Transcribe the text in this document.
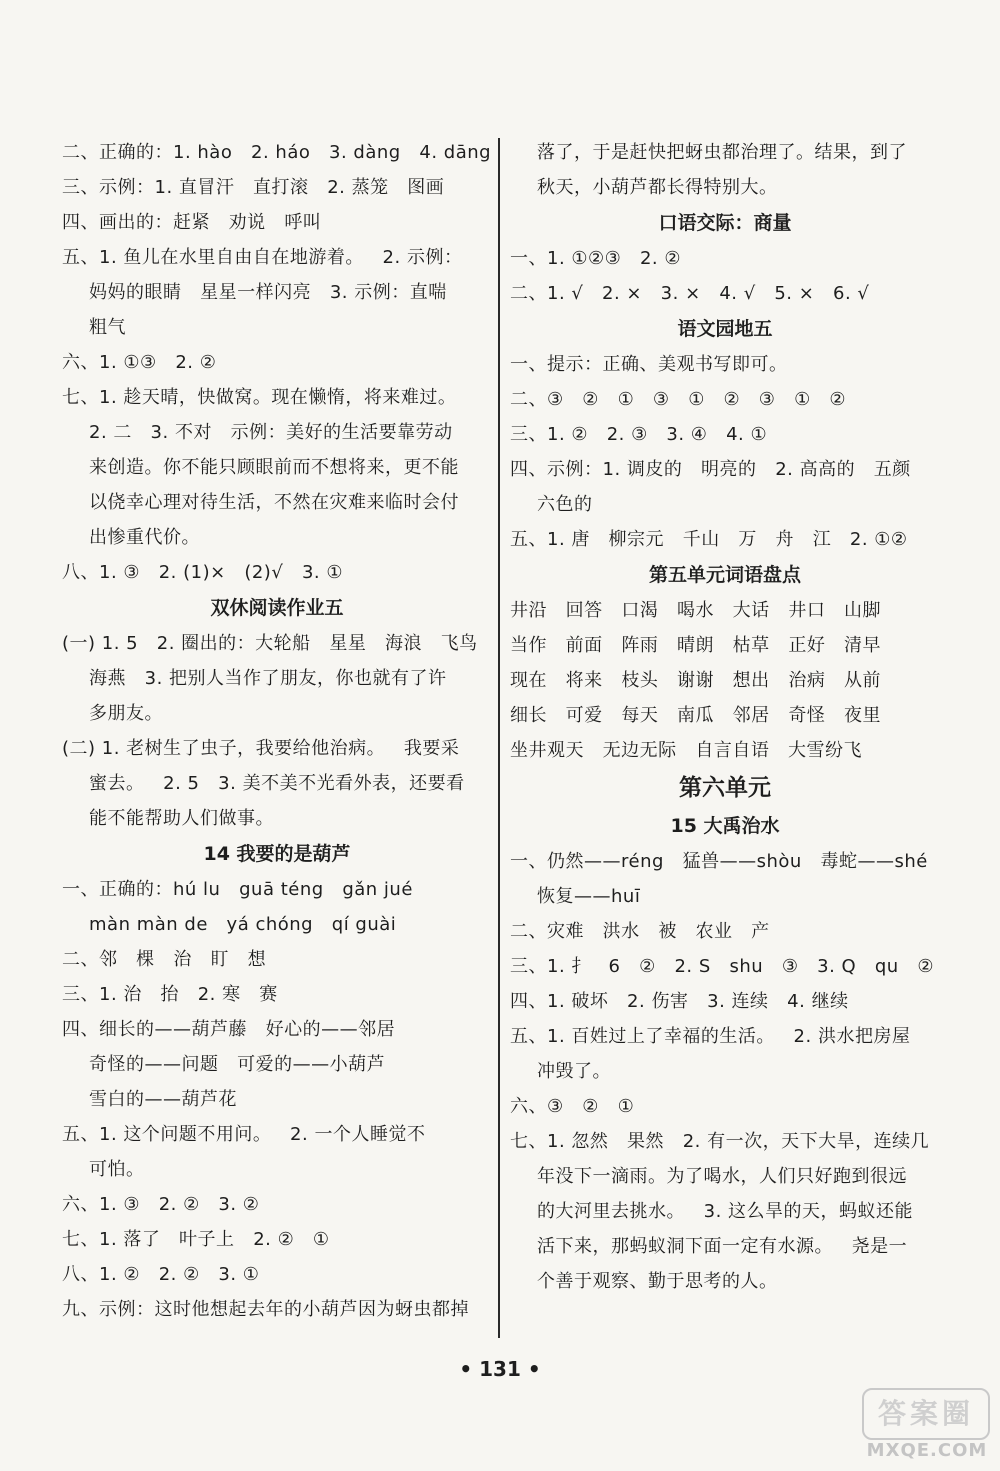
二、正确的：1. hào   2. háo   3. dàng   4. dāng
三、示例：1. 直冒汗   直打滚   2. 蒸笼   图画
四、画出的：赶紧   劝说   呼叫
五、1. 鱼儿在水里自由自在地游着。   2. 示例：
妈妈的眼睛   星星一样闪亮   3. 示例：直喘
粗气
六、1. ①③   2. ②
七、1. 趁天晴，快做窝。现在懒惰，将来难过。
2. 二   3. 不对   示例：美好的生活要靠劳动
来创造。你不能只顾眼前而不想将来，更不能
以侥幸心理对待生活，不然在灾难来临时会付
出惨重代价。
八、1. ③   2. (1)×   (2)√   3. ①
双休阅读作业五
(一) 1. 5   2. 圈出的：大轮船   星星   海浪   飞鸟
海燕   3. 把别人当作了朋友，你也就有了许
多朋友。
(二) 1. 老树生了虫子，我要给他治病。   我要采
蜜去。   2. 5   3. 美不美不光看外表，还要看
能不能帮助人们做事。
14 我要的是葫芦
一、正确的：hú lu   guā téng   gǎn jué
màn màn de   yá chóng   qí guài
二、邻   棵   治   盯   想
三、1. 治   抬   2. 寒   赛
四、细长的——葫芦藤   好心的——邻居
奇怪的——问题   可爱的——小葫芦
雪白的——葫芦花
五、1. 这个问题不用问。   2. 一个人睡觉不
可怕。
六、1. ③   2. ②   3. ②
七、1. 落了   叶子上   2. ②   ①
八、1. ②   2. ②   3. ①
九、示例：这时他想起去年的小葫芦因为蚜虫都掉
落了，于是赶快把蚜虫都治理了。结果，到了
秋天，小葫芦都长得特别大。
口语交际：商量
一、1. ①②③   2. ②
二、1. √   2. ×   3. ×   4. √   5. ×   6. √
语文园地五
一、提示：正确、美观书写即可。
二、③   ②   ①   ③   ①   ②   ③   ①   ②
三、1. ②   2. ③   3. ④   4. ①
四、示例：1. 调皮的   明亮的   2. 高高的   五颜
六色的
五、1. 唐   柳宗元   千山   万   舟   江   2. ①②
第五单元词语盘点
井沿   回答   口渴   喝水   大话   井口   山脚
当作   前面   阵雨   晴朗   枯草   正好   清早
现在   将来   枝头   谢谢   想出   治病   从前
细长   可爱   每天   南瓜   邻居   奇怪   夜里
坐井观天   无边无际   自言自语   大雪纷飞
第六单元
15 大禹治水
一、仍然——réng   猛兽——shòu   毒蛇——shé
恢复——huī
二、灾难   洪水   被   农业   产
三、1. 扌   6   ②   2. S   shu   ③   3. Q   qu   ②
四、1. 破坏   2. 伤害   3. 连续   4. 继续
五、1. 百姓过上了幸福的生活。   2. 洪水把房屋
冲毁了。
六、③   ②   ①
七、1. 忽然   果然   2. 有一次，天下大旱，连续几
年没下一滴雨。为了喝水，人们只好跑到很远
的大河里去挑水。   3. 这么旱的天，蚂蚁还能
活下来，那蚂蚁洞下面一定有水源。   尧是一
个善于观察、勤于思考的人。
• 131 •
答案圈
MXQE.COM
